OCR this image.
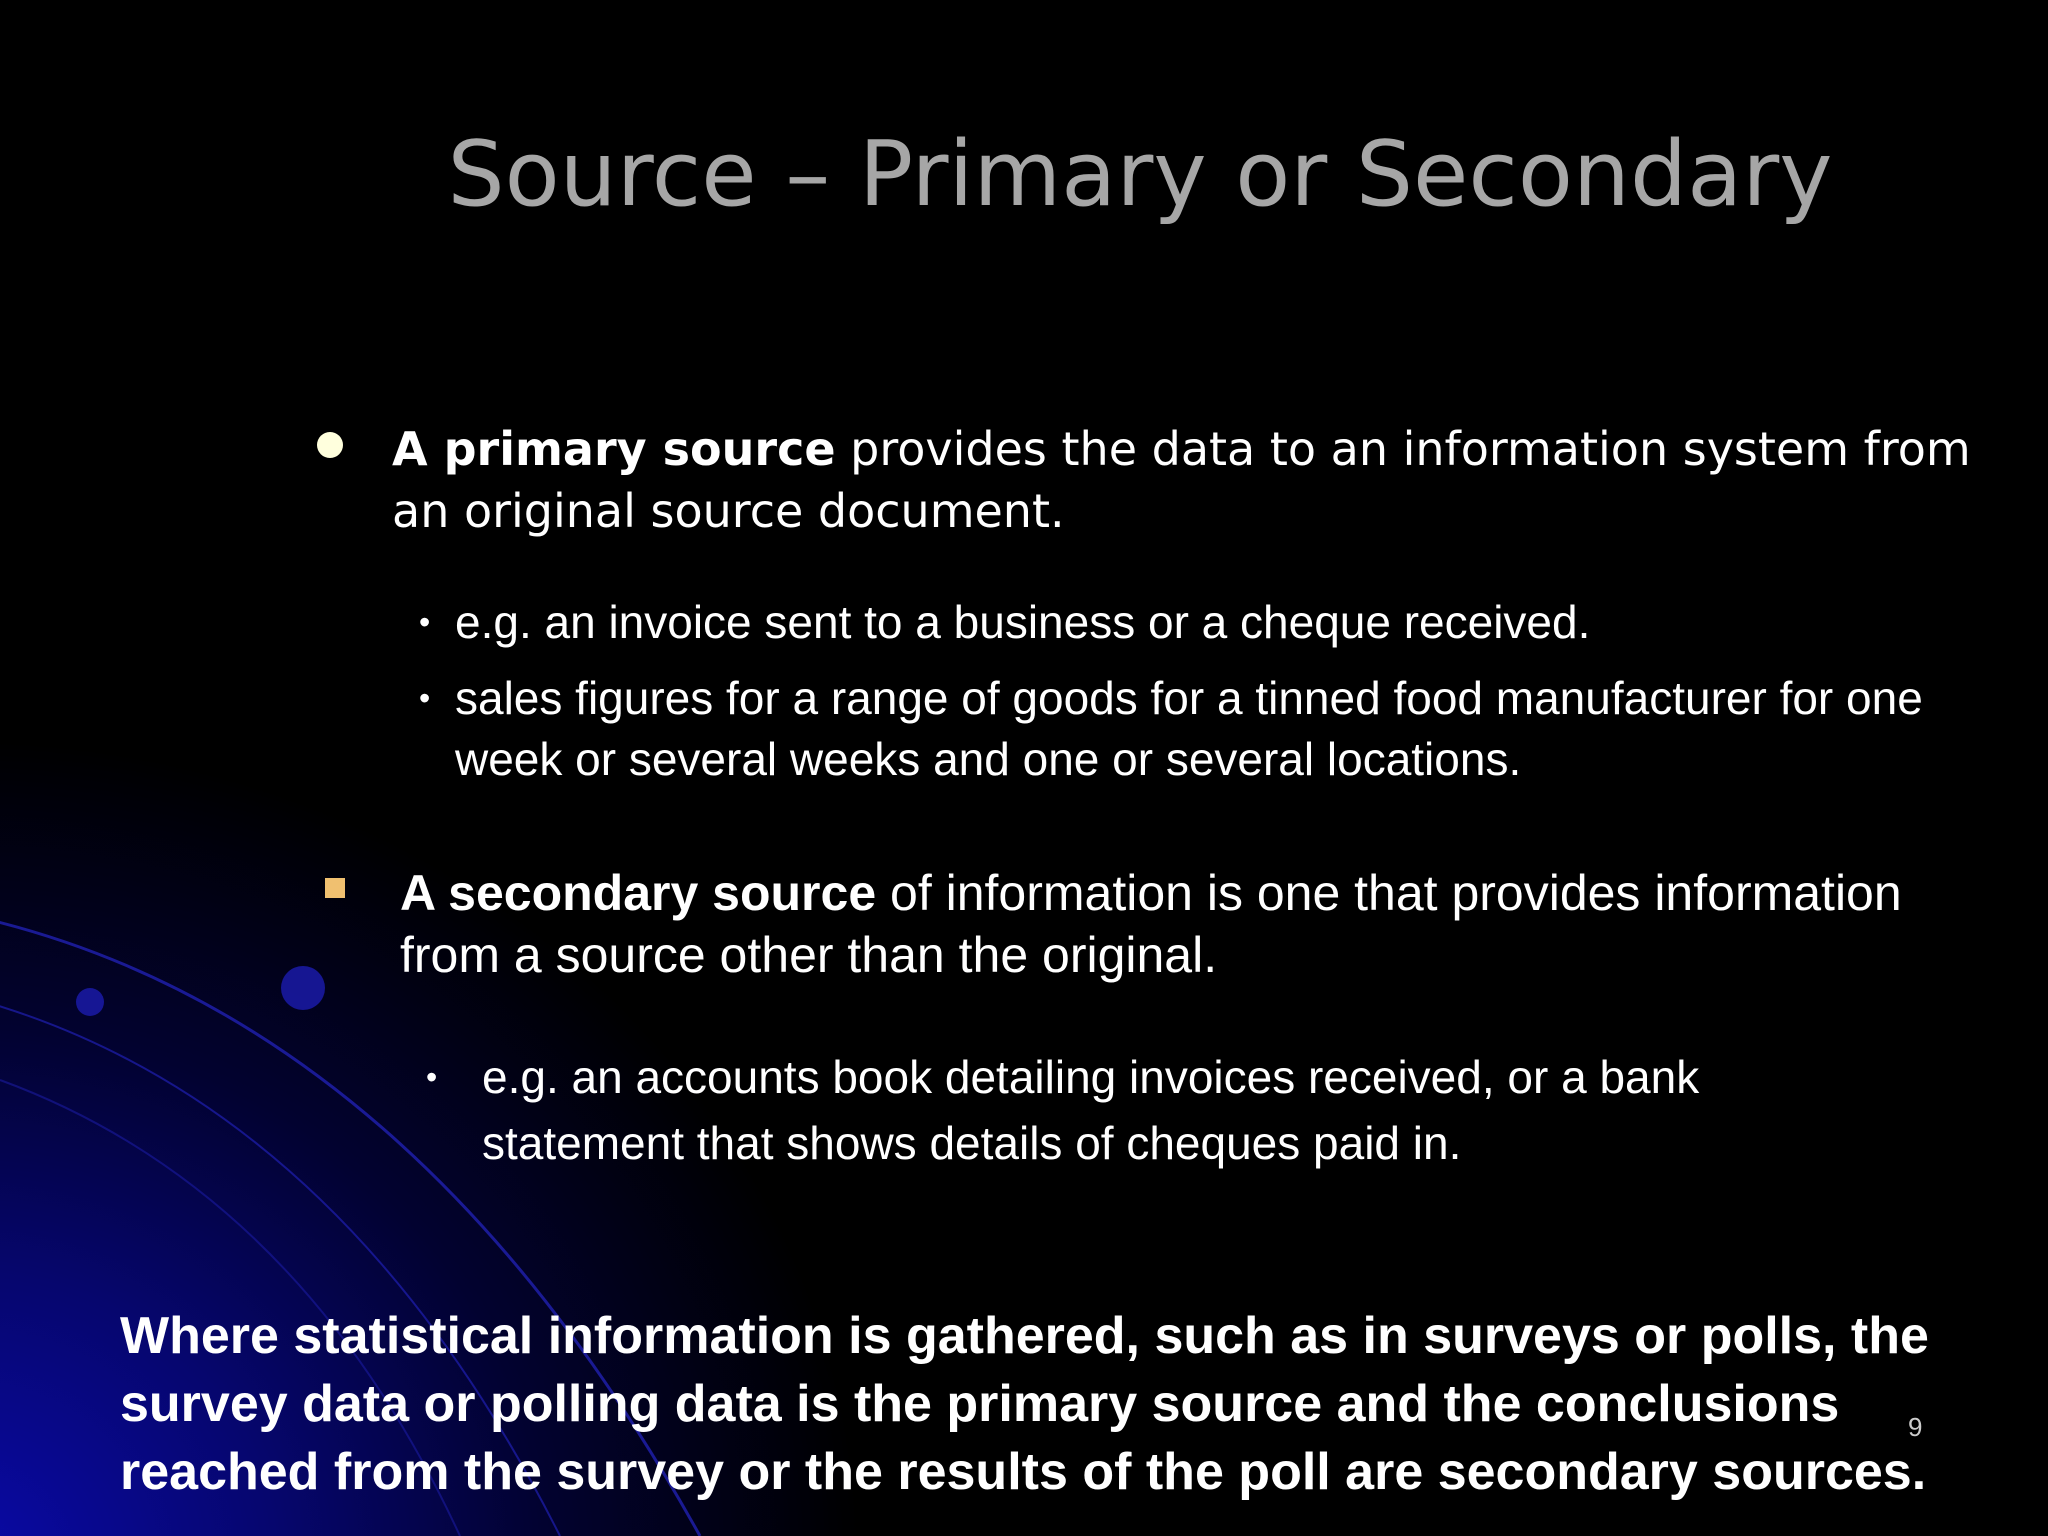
Source – Primary or Secondary
A primary source provides the data to an information system from an original source document.
• e.g. an invoice sent to a business or a cheque received.
• sales figures for a range of goods for a tinned food manufacturer for one week or several weeks and one or several locations.
A secondary source of information is one that provides information from a source other than the original.
• e.g. an accounts book detailing invoices received, or a bank statement that shows details of cheques paid in.
Where statistical information is gathered, such as in surveys or polls, the survey data or polling data is the primary source and the conclusions reached from the survey or the results of the poll are secondary sources.
9
